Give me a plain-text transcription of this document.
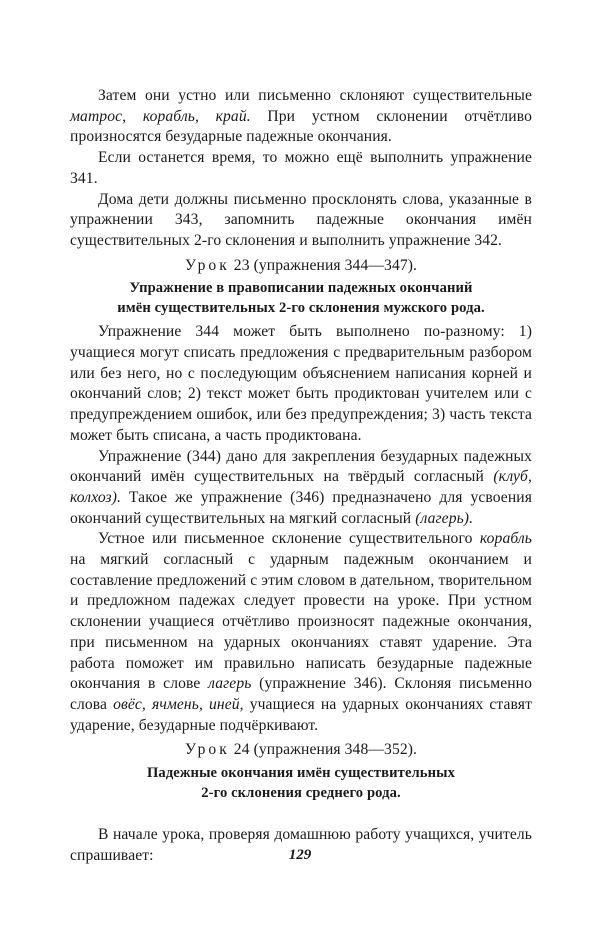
Затем они устно или письменно склоняют существительные матрос, корабль, край. При устном склонении отчётливо произносятся безударные падежные окончания.

Если останется время, то можно ещё выполнить упражнение 341.

Дома дети должны письменно просклонять слова, указанные в упражнении 343, запомнить падежные окончания имён существительных 2-го склонения и выполнить упражнение 342.

Урок 23 (упражнения 344—347).

Упражнение в правописании падежных окончаний
имён существительных 2-го склонения мужского рода.

Упражнение 344 может быть выполнено по-разному: 1) учащиеся могут списать предложения с предварительным разбором или без него, но с последующим объяснением написания корней и окончаний слов; 2) текст может быть продиктован учителем или с предупреждением ошибок, или без предупреждения; 3) часть текста может быть списана, а часть продиктована.

Упражнение (344) дано для закрепления безударных падежных окончаний имён существительных на твёрдый согласный (клуб, колхоз). Такое же упражнение (346) предназначено для усвоения окончаний существительных на мягкий согласный (лагерь).

Устное или письменное склонение существительного корабль на мягкий согласный с ударным падежным окончанием и составление предложений с этим словом в дательном, творительном и предложном падежах следует провести на уроке. При устном склонении учащиеся отчётливо произносят падежные окончания, при письменном на ударных окончаниях ставят ударение. Эта работа поможет им правильно написать безударные падежные окончания в слове лагерь (упражнение 346). Склоняя письменно слова овёс, ячмень, иней, учащиеся на ударных окончаниях ставят ударение, безударные подчёркивают.

Урок 24 (упражнения 348—352).

Падежные окончания имён существительных
2-го склонения среднего рода.

В начале урока, проверяя домашнюю работу учащихся, учитель спрашивает:	129
